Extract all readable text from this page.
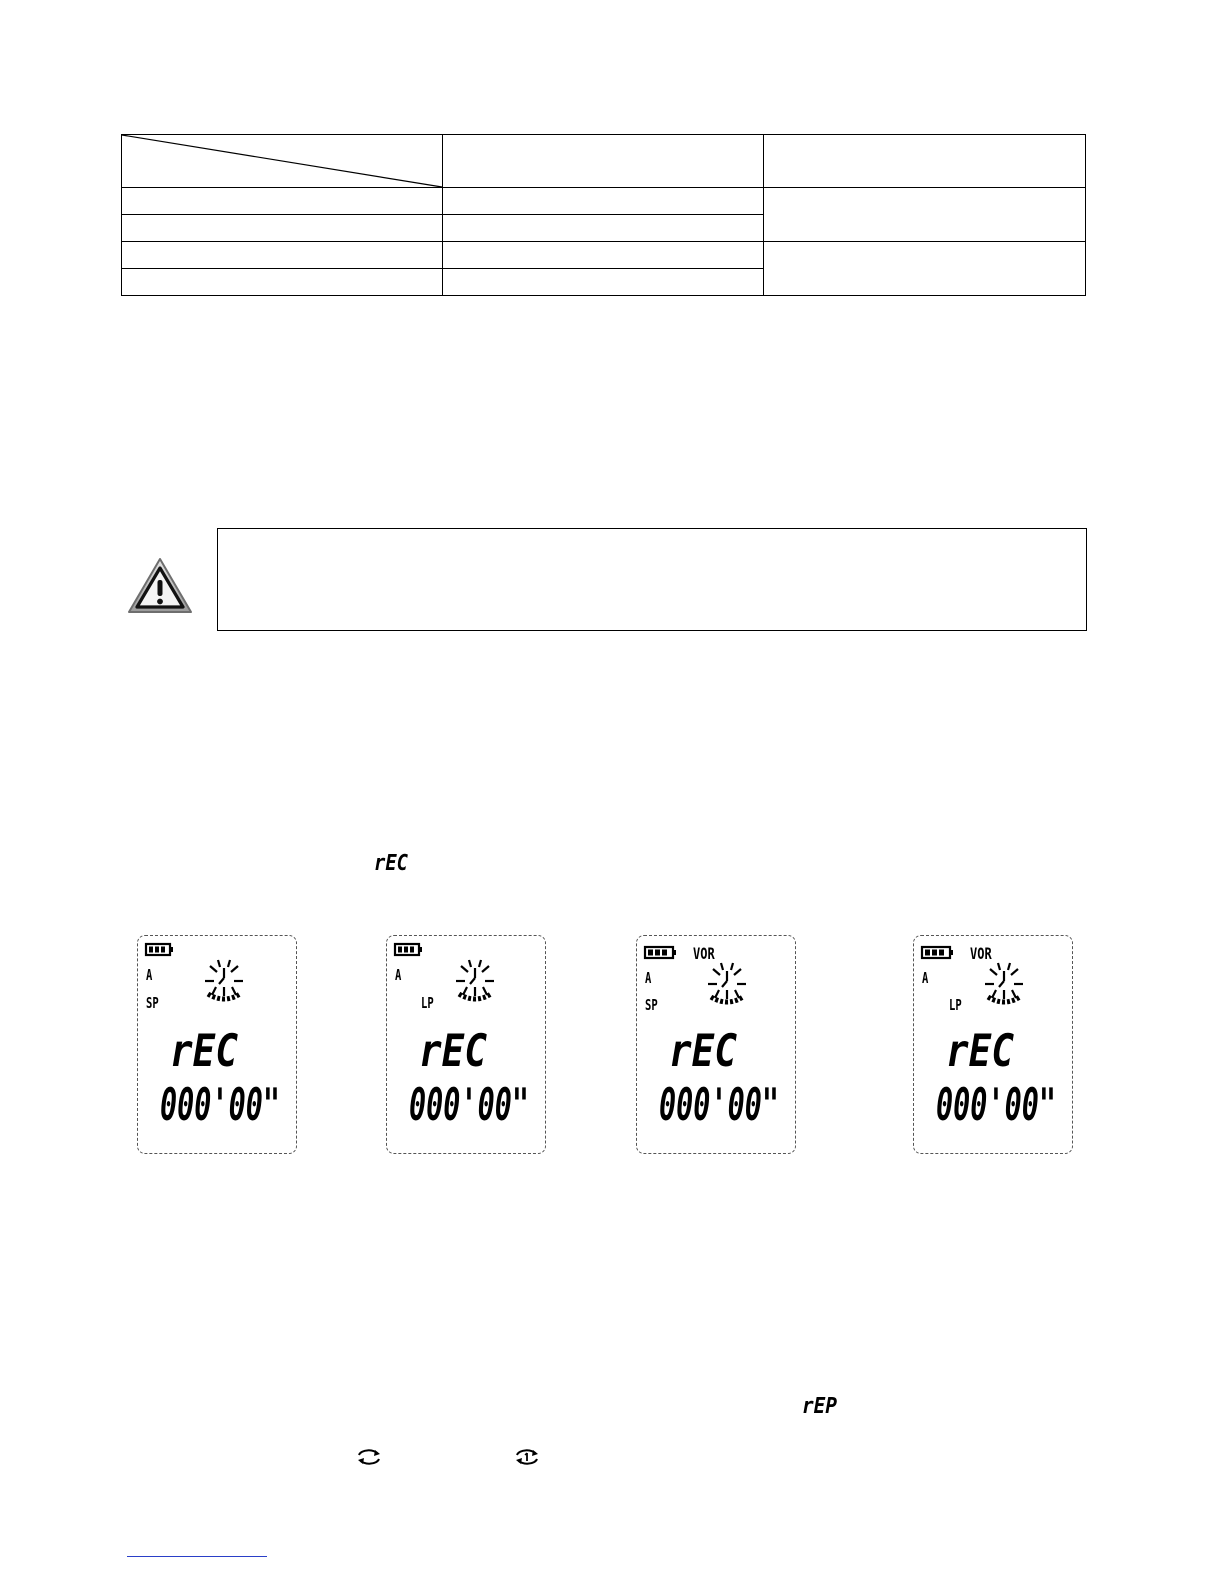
rEC
A
SP
rEC
000'00"
A
LP
rEC
000'00"
VOR
A
SP
rEC
000'00"
VOR
A
LP
rEC
000'00"
rEP
